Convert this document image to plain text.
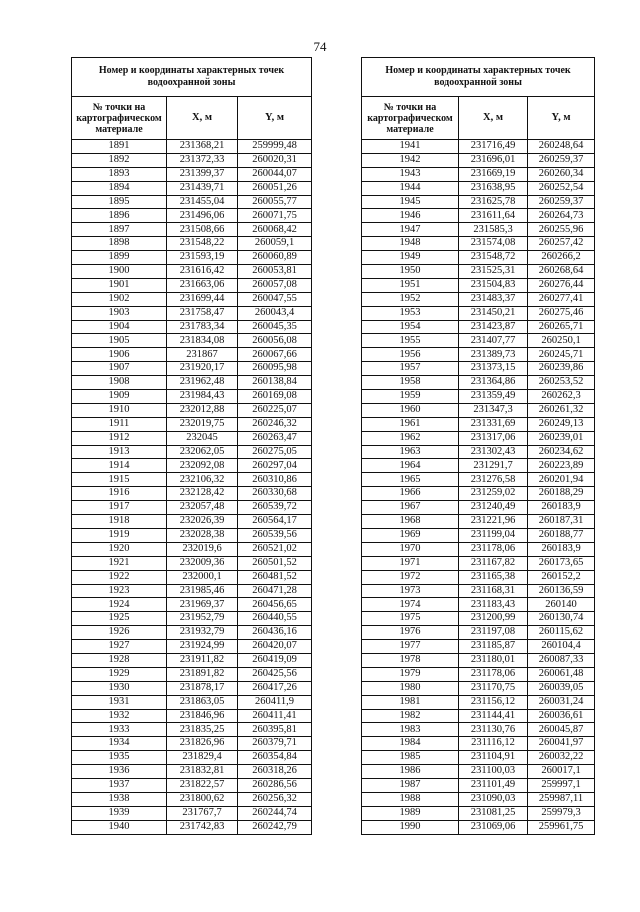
74
Номер и координаты характерных точек водоохранной зоны		
№ точки на картографическом материале	X, м	Y, м
1891	231368,21	259999,48
1892	231372,33	260020,31
1893	231399,37	260044,07
1894	231439,71	260051,26
1895	231455,04	260055,77
1896	231496,06	260071,75
1897	231508,66	260068,42
1898	231548,22	260059,1
1899	231593,19	260060,89
1900	231616,42	260053,81
1901	231663,06	260057,08
1902	231699,44	260047,55
1903	231758,47	260043,4
1904	231783,34	260045,35
1905	231834,08	260056,08
1906	231867	260067,66
1907	231920,17	260095,98
1908	231962,48	260138,84
1909	231984,43	260169,08
1910	232012,88	260225,07
1911	232019,75	260246,32
1912	232045	260263,47
1913	232062,05	260275,05
1914	232092,08	260297,04
1915	232106,32	260310,86
1916	232128,42	260330,68
1917	232057,48	260539,72
1918	232026,39	260564,17
1919	232028,38	260539,56
1920	232019,6	260521,02
1921	232009,36	260501,52
1922	232000,1	260481,52
1923	231985,46	260471,28
1924	231969,37	260456,65
1925	231952,79	260440,55
1926	231932,79	260436,16
1927	231924,99	260420,07
1928	231911,82	260419,09
1929	231891,82	260425,56
1930	231878,17	260417,26
1931	231863,05	260411,9
1932	231846,96	260411,41
1933	231835,25	260395,81
1934	231826,96	260379,71
1935	231829,4	260354,84
1936	231832,81	260318,26
1937	231822,57	260286,56
1938	231800,62	260256,32
1939	231767,7	260244,74
1940	231742,83	260242,79
Номер и координаты характерных точек водоохранной зоны		
№ точки на картографическом материале	X, м	Y, м
1941	231716,49	260248,64
1942	231696,01	260259,37
1943	231669,19	260260,34
1944	231638,95	260252,54
1945	231625,78	260259,37
1946	231611,64	260264,73
1947	231585,3	260255,96
1948	231574,08	260257,42
1949	231548,72	260266,2
1950	231525,31	260268,64
1951	231504,83	260276,44
1952	231483,37	260277,41
1953	231450,21	260275,46
1954	231423,87	260265,71
1955	231407,77	260250,1
1956	231389,73	260245,71
1957	231373,15	260239,86
1958	231364,86	260253,52
1959	231359,49	260262,3
1960	231347,3	260261,32
1961	231331,69	260249,13
1962	231317,06	260239,01
1963	231302,43	260234,62
1964	231291,7	260223,89
1965	231276,58	260201,94
1966	231259,02	260188,29
1967	231240,49	260183,9
1968	231221,96	260187,31
1969	231199,04	260188,77
1970	231178,06	260183,9
1971	231167,82	260173,65
1972	231165,38	260152,2
1973	231168,31	260136,59
1974	231183,43	260140
1975	231200,99	260130,74
1976	231197,08	260115,62
1977	231185,87	260104,4
1978	231180,01	260087,33
1979	231178,06	260061,48
1980	231170,75	260039,05
1981	231156,12	260031,24
1982	231144,41	260036,61
1983	231130,76	260045,87
1984	231116,12	260041,97
1985	231104,91	260032,22
1986	231100,03	260017,1
1987	231101,49	259997,1
1988	231090,03	259987,11
1989	231081,25	259979,3
1990	231069,06	259961,75
